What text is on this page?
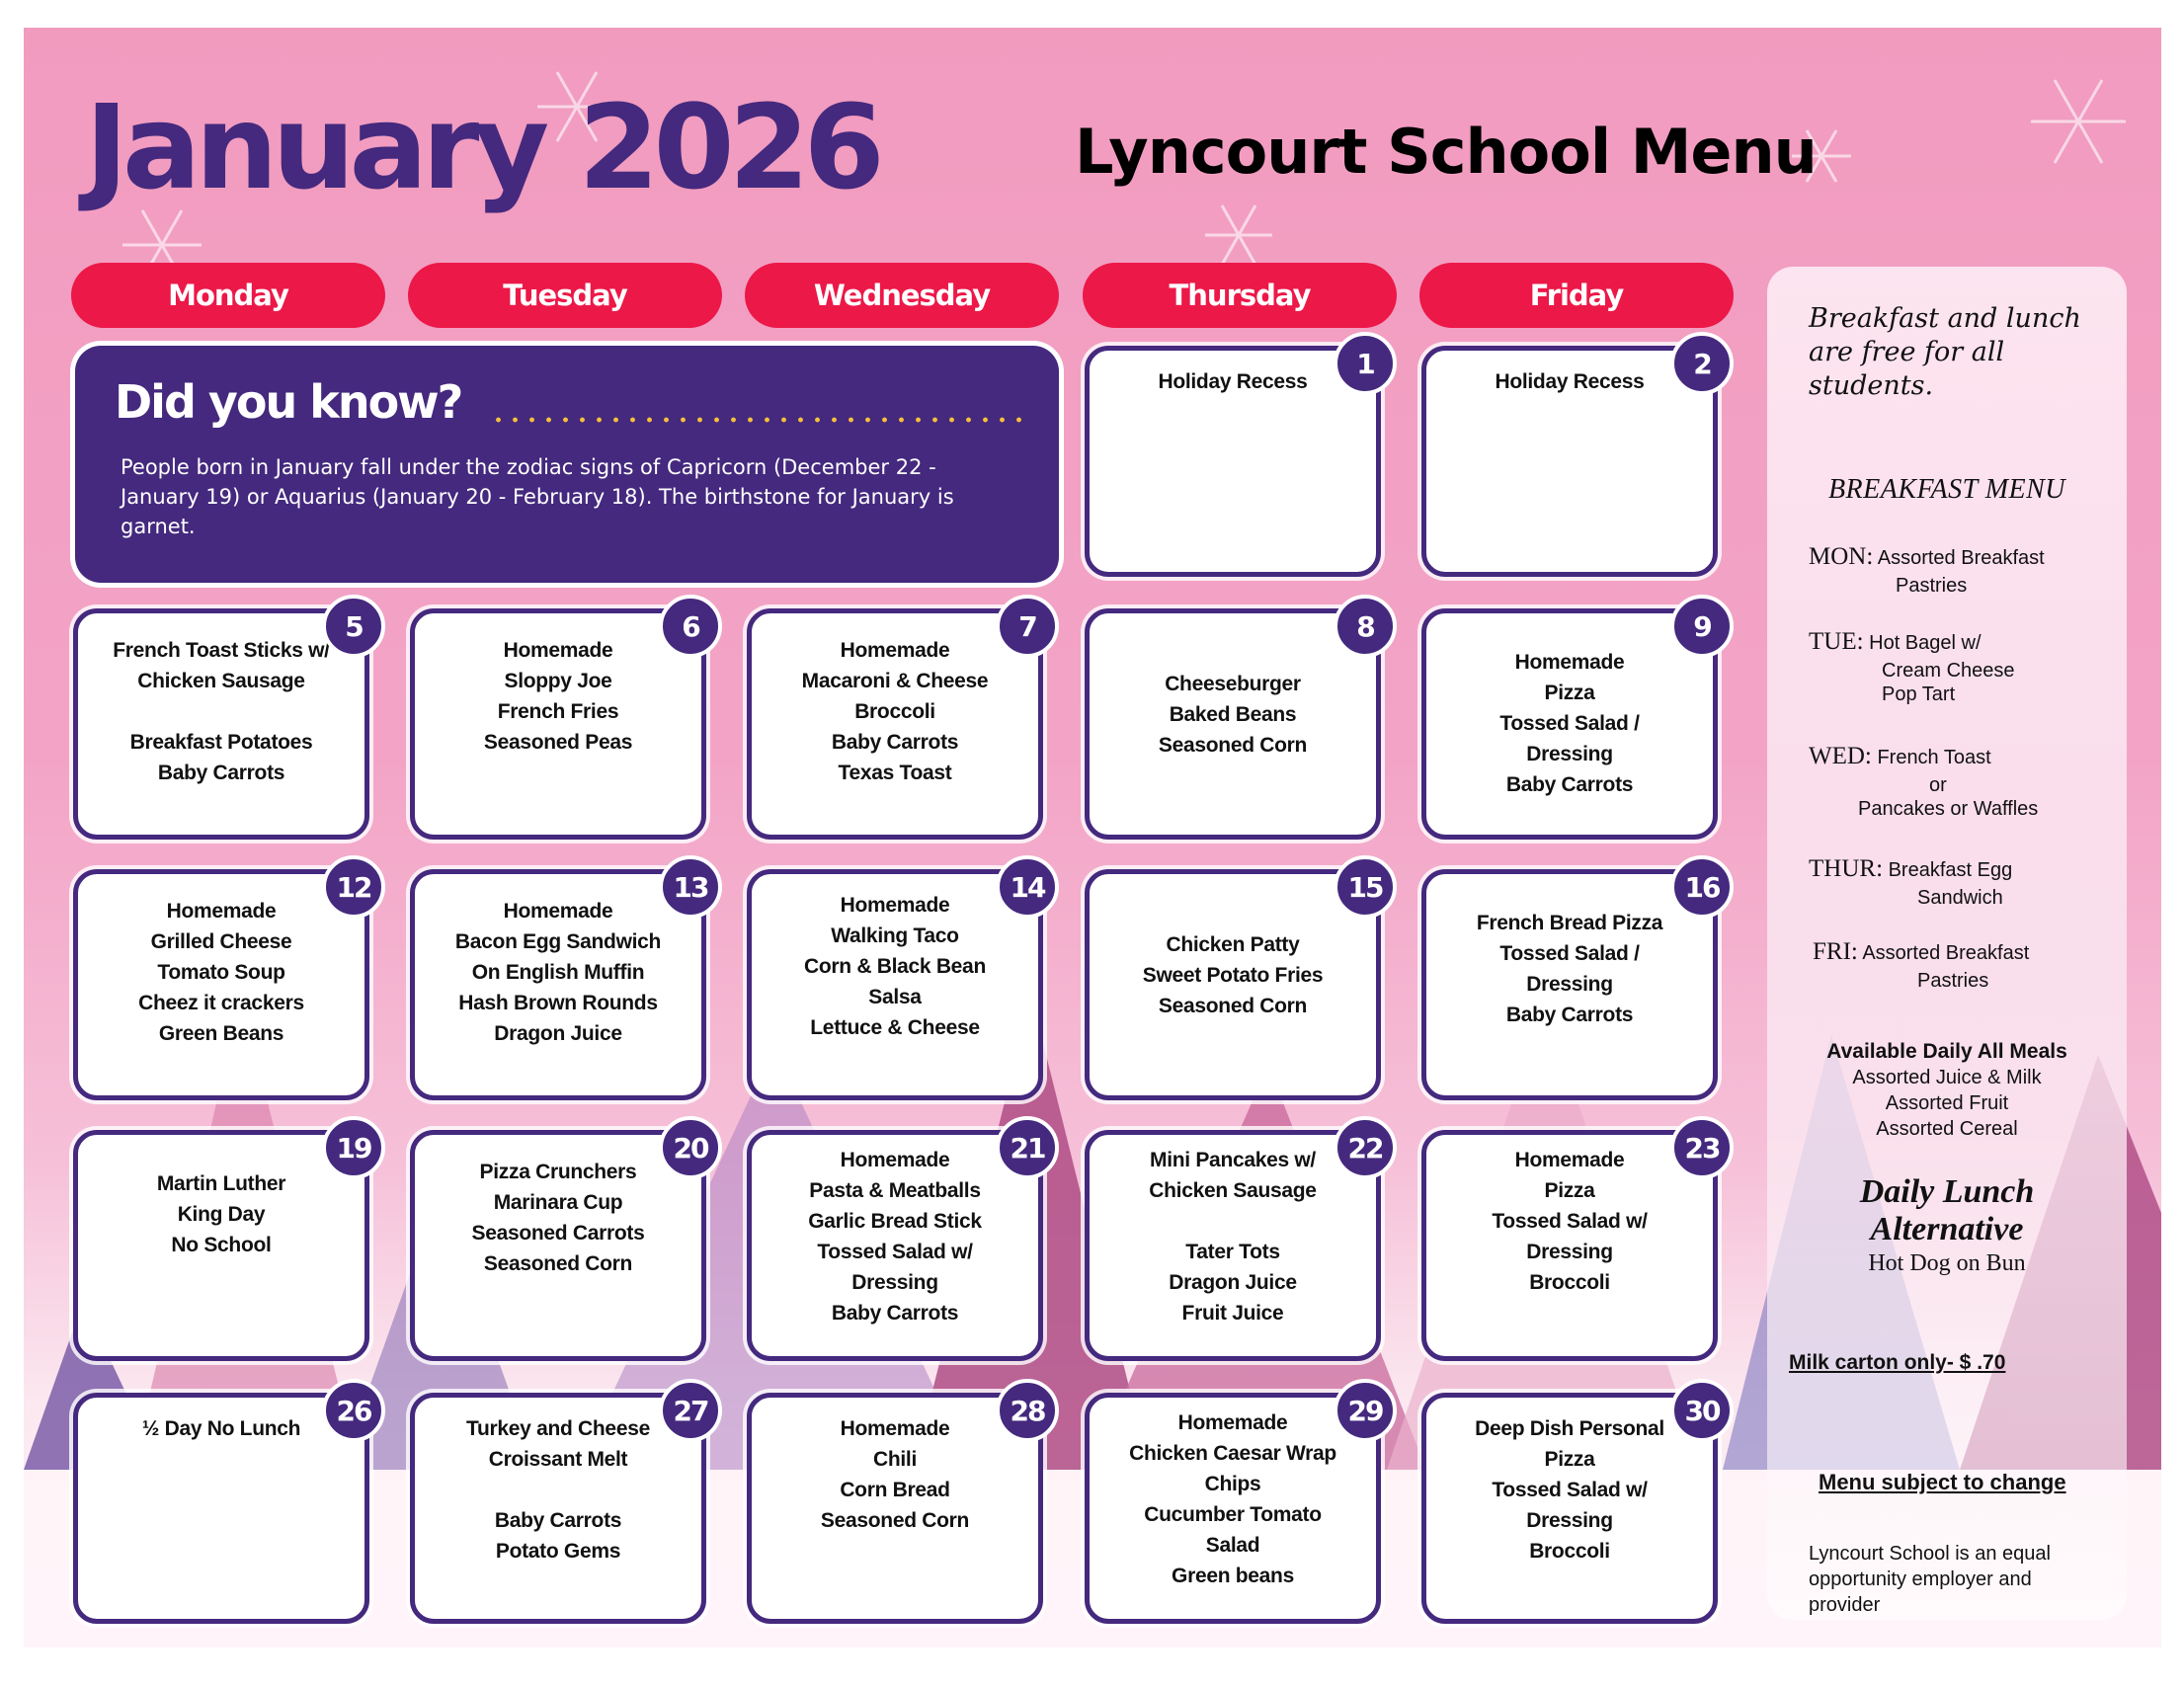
January 2026	Lyncourt School Menu
Monday	Tuesday	Wednesday	Thursday	Friday
Did you know?
People born in January fall under the zodiac signs of Capricorn (December 22 - January 19) or Aquarius (January 20 - February 18). The birthstone for January is garnet.
Holiday Recess
1
Holiday Recess
2
French Toast Sticks w/
Chicken Sausage

Breakfast Potatoes
Baby Carrots
5
Homemade
Sloppy Joe
French Fries
Seasoned Peas
6
Homemade
Macaroni & Cheese
Broccoli
Baby Carrots
Texas Toast
7
Cheeseburger
Baked Beans
Seasoned Corn
8
Homemade
Pizza
Tossed Salad /
Dressing
Baby Carrots
9
Homemade
Grilled Cheese
Tomato Soup
Cheez it crackers
Green Beans
12
Homemade
Bacon Egg Sandwich
On English Muffin
Hash Brown Rounds
Dragon Juice
13
Homemade
Walking Taco
Corn & Black Bean
Salsa
Lettuce & Cheese
14
Chicken Patty
Sweet Potato Fries
Seasoned Corn
15
French Bread Pizza
Tossed Salad /
Dressing
Baby Carrots
16
Martin Luther
King Day
No School
19
Pizza Crunchers
Marinara Cup
Seasoned Carrots
Seasoned Corn
20	Homemade
Pasta & Meatballs
Garlic Bread Stick
Tossed Salad w/
Dressing
Baby Carrots
21	Mini Pancakes w/
Chicken Sausage

Tater Tots
Dragon Juice
Fruit Juice
22	Homemade
Pizza
Tossed Salad w/
Dressing
Broccoli
23
½ Day No Lunch
26
Turkey and Cheese
Croissant Melt

Baby Carrots
Potato Gems
27
Homemade
Chili
Corn Bread
Seasoned Corn
28	Homemade
Chicken Caesar Wrap
Chips
Cucumber Tomato
Salad
Green beans
29
Deep Dish Personal
Pizza
Tossed Salad w/
Dressing
Broccoli
30
Breakfast and lunch are free for all students.
BREAKFAST MENU
MON: Assorted Breakfast
Pastries
TUE: Hot Bagel w/
Cream Cheese
Pop Tart
WED: French Toast
or
Pancakes or Waffles
THUR: Breakfast Egg
Sandwich
FRI: Assorted Breakfast
Pastries
Available Daily All Meals
Assorted Juice & Milk
Assorted Fruit
Assorted Cereal
Daily Lunch
Alternative
Hot Dog on Bun
Milk carton only- $ .70
Menu subject to change
Lyncourt School is an equal opportunity employer and provider
